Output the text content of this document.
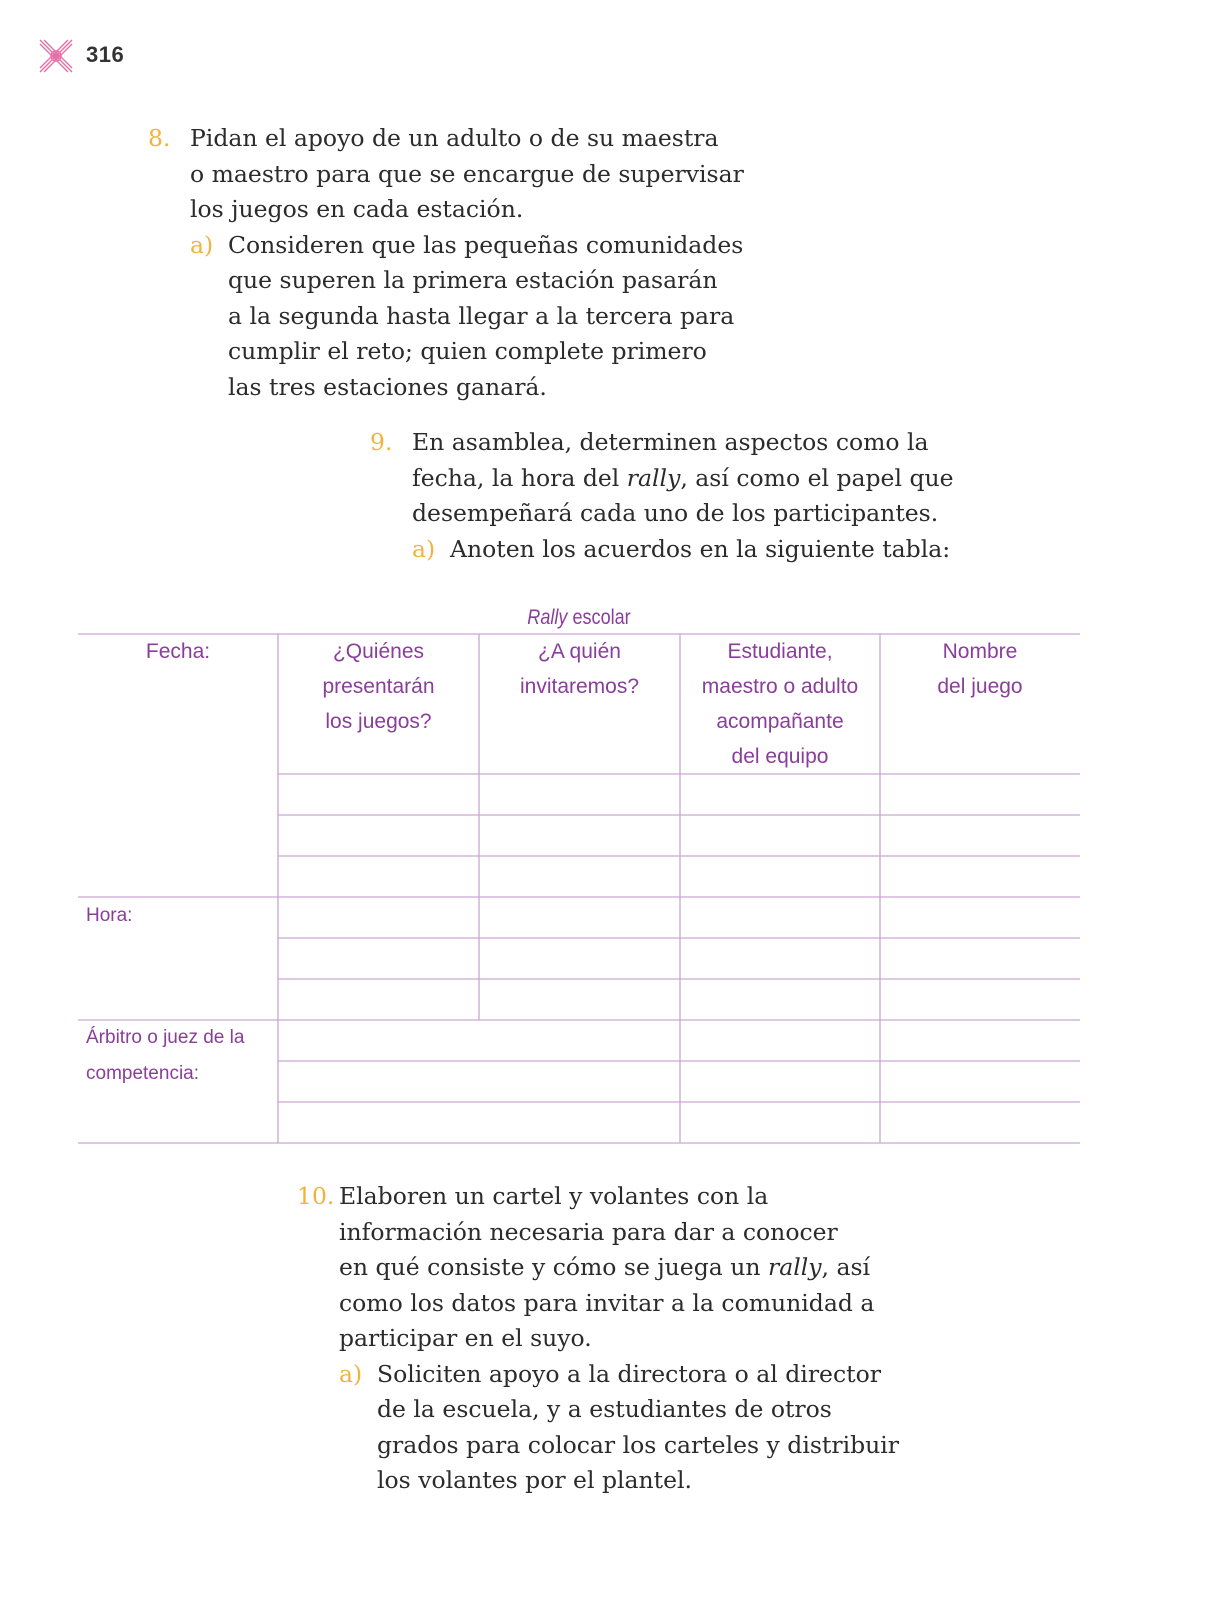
316
8. Pidan el apoyo de un adulto o de su maestra
o maestro para que se encargue de supervisar
los juegos en cada estación.
a) Consideren que las pequeñas comunidades
que superen la primera estación pasarán
a la segunda hasta llegar a la tercera para
cumplir el reto; quien complete primero
las tres estaciones ganará.
9. En asamblea, determinen aspectos como la
fecha, la hora del rally, así como el papel que
desempeñará cada uno de los participantes.
a) Anoten los acuerdos en la siguiente tabla:
Rally escolar
Fecha:	¿Quiénes
presentarán
los juegos?
¿A quién
invitaremos?
Estudiante,
maestro o adulto
acompañante
del equipo
Nombre
del juego
Hora:
Árbitro o juez de la
competencia:
10. Elaboren un cartel y volantes con la
información necesaria para dar a conocer
en qué consiste y cómo se juega un rally, así
como los datos para invitar a la comunidad a
participar en el suyo.
a) Soliciten apoyo a la directora o al director
de la escuela, y a estudiantes de otros
grados para colocar los carteles y distribuir
los volantes por el plantel.
